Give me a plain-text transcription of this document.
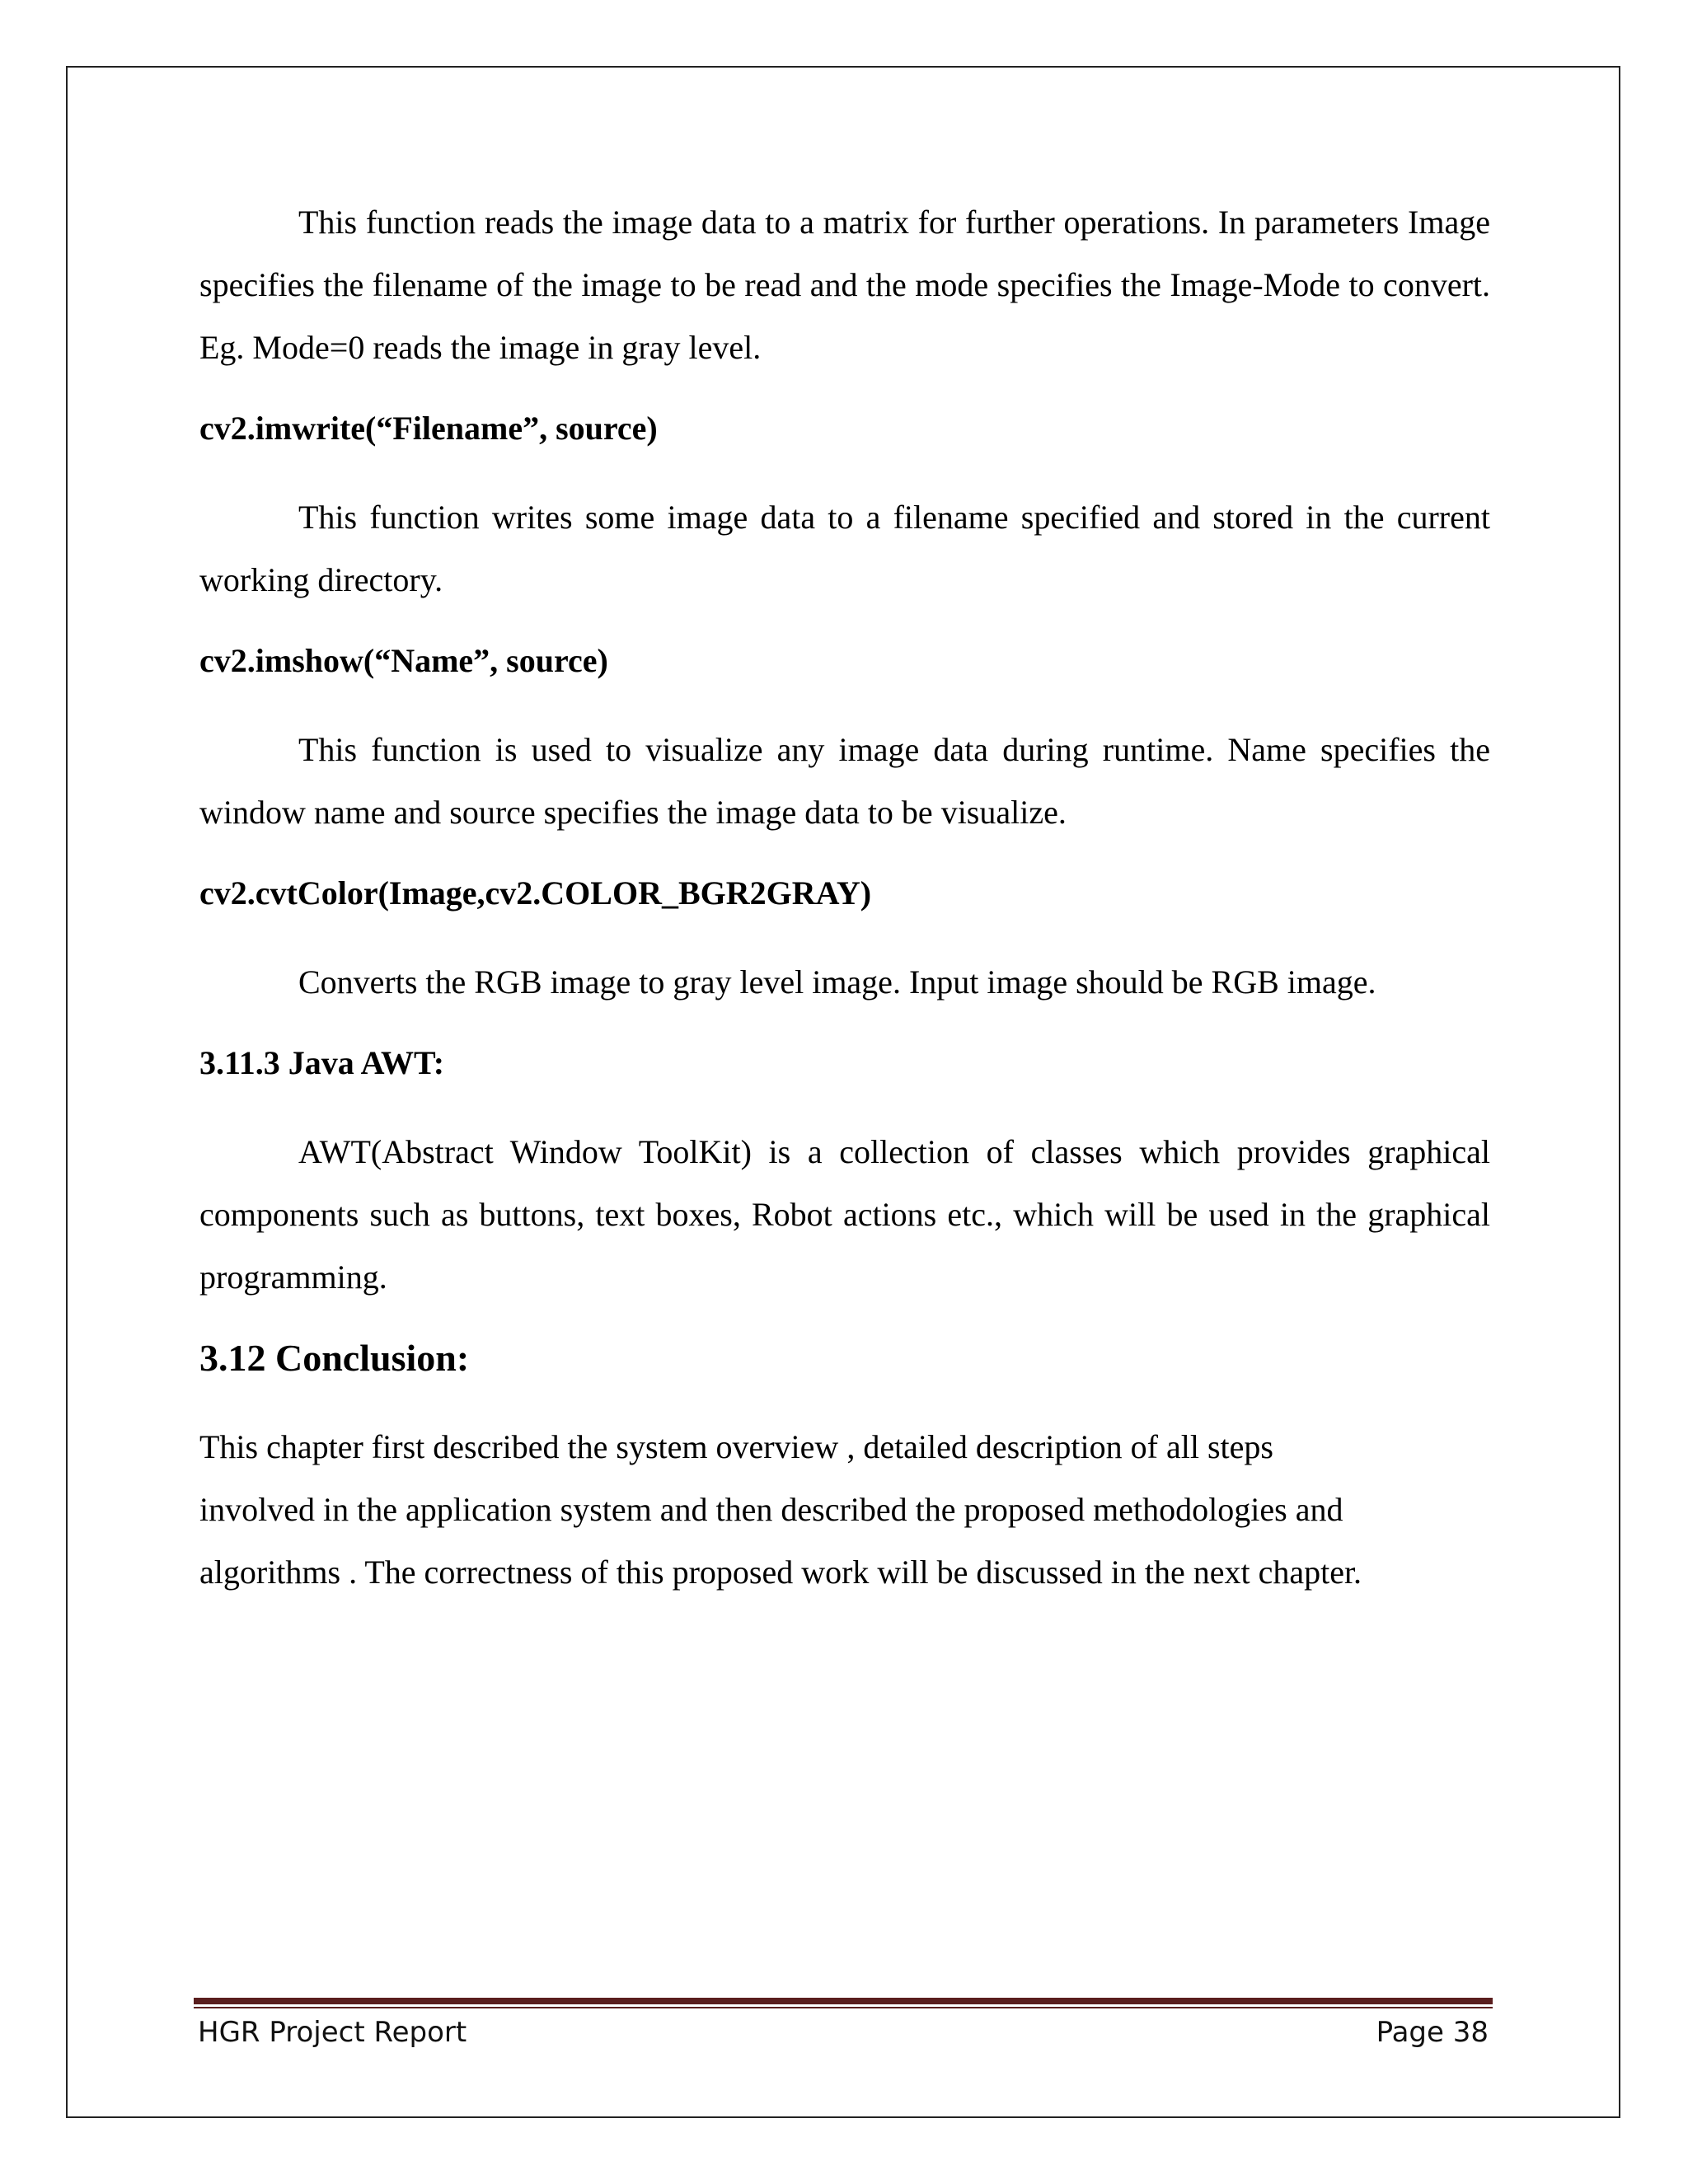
This function reads the image data to a matrix for further operations. In parameters Image specifies the filename of the image to be read and the mode specifies the Image-Mode to convert. Eg. Mode=0 reads the image in gray level.

cv2.imwrite(“Filename”, source)

This function writes some image data to a filename specified and stored in the current working directory.

cv2.imshow(“Name”, source)

This function is used to visualize any image data during runtime. Name specifies the window name and source specifies the image data to be visualize.

cv2.cvtColor(Image,cv2.COLOR_BGR2GRAY)

Converts the RGB image to gray level image. Input image should be RGB image.

3.11.3 Java AWT:

AWT(Abstract Window ToolKit) is a collection of classes which provides graphical components such as buttons, text boxes, Robot actions etc., which will be used in the graphical programming.

3.12 Conclusion:

This chapter first described the system overview , detailed description of all steps

involved in the application system and then described the proposed methodologies and

algorithms . The correctness of this proposed work will be discussed in the next chapter.

HGR Project Report	Page 38
